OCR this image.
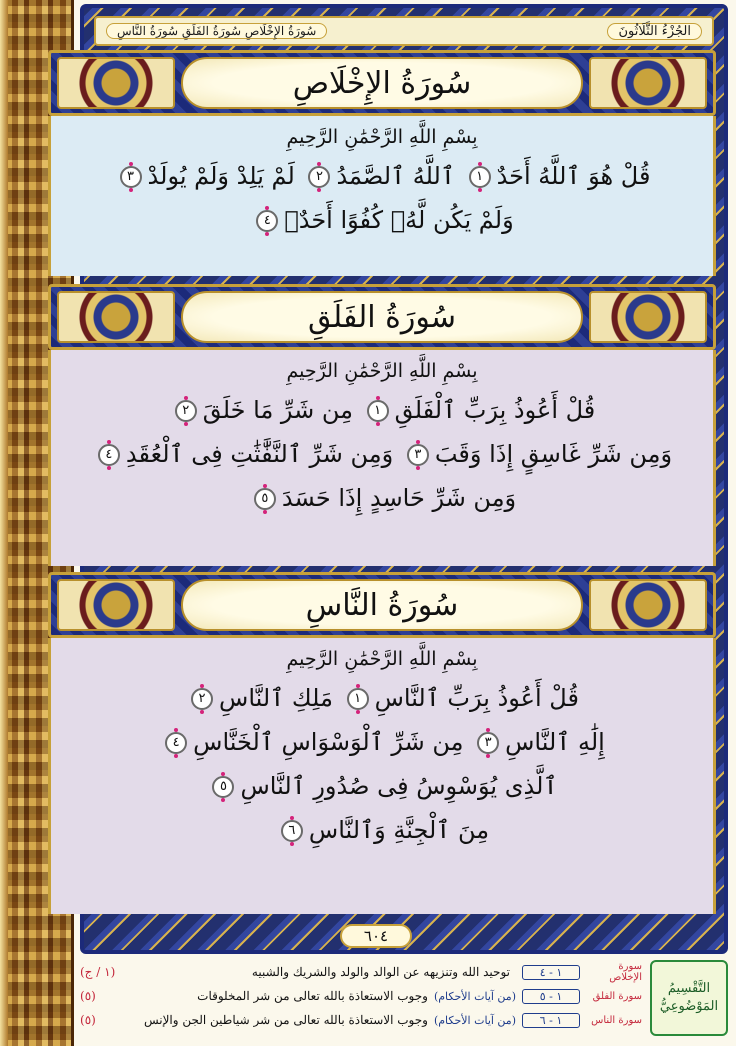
الجُزْءُ الثَّلَاثُونَ
سُورَةُ الإِخْلَاصِ سُورَةُ الفَلَقِ سُورَةُ النَّاسِ
سُورَةُ الإِخْلَاصِ
بِسْمِ اللَّهِ الرَّحْمَٰنِ الرَّحِيمِ
قُلْ هُوَ ٱللَّهُ أَحَدٌ١ ٱللَّهُ ٱلصَّمَدُ٢ لَمْ يَلِدْ وَلَمْ يُولَدْ٣
وَلَمْ يَكُن لَّهُۥ كُفُوًا أَحَدٌۢ٤
سُورَةُ الفَلَقِ
بِسْمِ اللَّهِ الرَّحْمَٰنِ الرَّحِيمِ
قُلْ أَعُوذُ بِرَبِّ ٱلْفَلَقِ١ مِن شَرِّ مَا خَلَقَ٢
وَمِن شَرِّ غَاسِقٍ إِذَا وَقَبَ٣ وَمِن شَرِّ ٱلنَّفَّٰثَٰتِ فِى ٱلْعُقَدِ٤
وَمِن شَرِّ حَاسِدٍ إِذَا حَسَدَ٥
سُورَةُ النَّاسِ
بِسْمِ اللَّهِ الرَّحْمَٰنِ الرَّحِيمِ
قُلْ أَعُوذُ بِرَبِّ ٱلنَّاسِ١ مَلِكِ ٱلنَّاسِ٢
إِلَٰهِ ٱلنَّاسِ٣ مِن شَرِّ ٱلْوَسْوَاسِ ٱلْخَنَّاسِ٤
ٱلَّذِى يُوَسْوِسُ فِى صُدُورِ ٱلنَّاسِ٥
مِنَ ٱلْجِنَّةِ وَٱلنَّاسِ٦
٦٠٤
التَّقْسِيمُ
المَوْضُوعِيُّ
سورة الإخلاص
١ - ٤
توحيد الله وتنزيهه عن الوالد والولد والشريك والشبيه
(١ / ج)
سورة الفلق
١ - ٥
(من آيات الأحكام)
وجوب الاستعاذة بالله تعالى من شر المخلوقات
(٥)
سورة الناس
١ - ٦
(من آيات الأحكام)
وجوب الاستعاذة بالله تعالى من شر شياطين الجن والإنس
(٥)
